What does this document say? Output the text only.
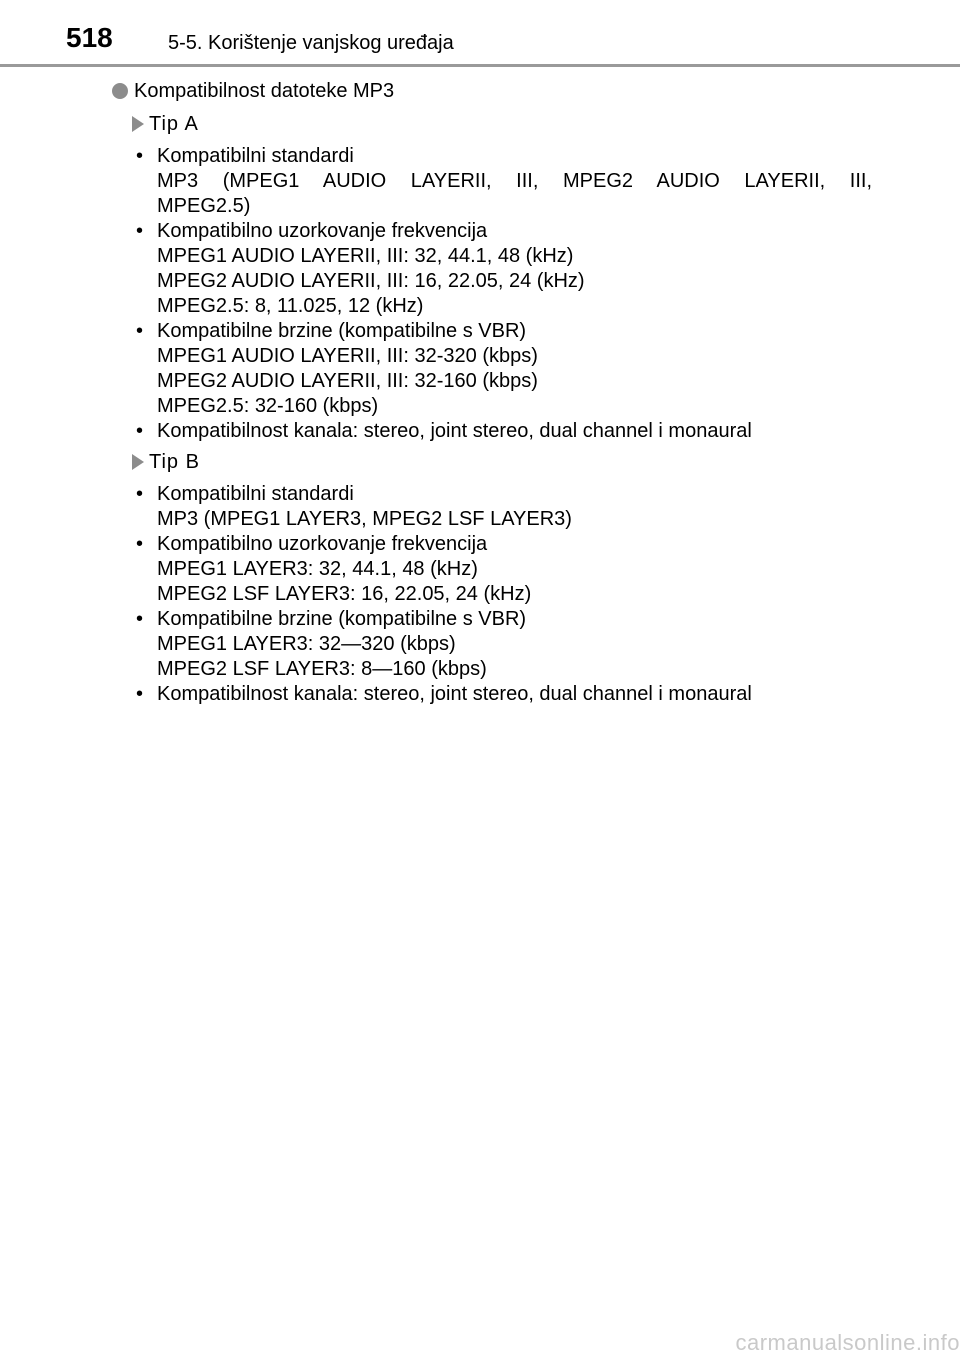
518	5-5. Korištenje vanjskog uređaja
Kompatibilnost datoteke MP3
Tip A
• Kompatibilni standardi
MP3 (MPEG1 AUDIO LAYERII, III, MPEG2 AUDIO LAYERII, III,
MPEG2.5)
• Kompatibilno uzorkovanje frekvencija
MPEG1 AUDIO LAYERII, III: 32, 44.1, 48 (kHz)
MPEG2 AUDIO LAYERII, III: 16, 22.05, 24 (kHz)
MPEG2.5: 8, 11.025, 12 (kHz)
• Kompatibilne brzine (kompatibilne s VBR)
MPEG1 AUDIO LAYERII, III: 32-320 (kbps)
MPEG2 AUDIO LAYERII, III: 32-160 (kbps)
MPEG2.5: 32-160 (kbps)
• Kompatibilnost kanala: stereo, joint stereo, dual channel i monaural
Tip B
• Kompatibilni standardi
MP3 (MPEG1 LAYER3, MPEG2 LSF LAYER3)
• Kompatibilno uzorkovanje frekvencija
MPEG1 LAYER3: 32, 44.1, 48 (kHz)
MPEG2 LSF LAYER3: 16, 22.05, 24 (kHz)
• Kompatibilne brzine (kompatibilne s VBR)
MPEG1 LAYER3: 32—320 (kbps)
MPEG2 LSF LAYER3: 8—160 (kbps)
• Kompatibilnost kanala: stereo, joint stereo, dual channel i monaural
carmanualsonline.info
